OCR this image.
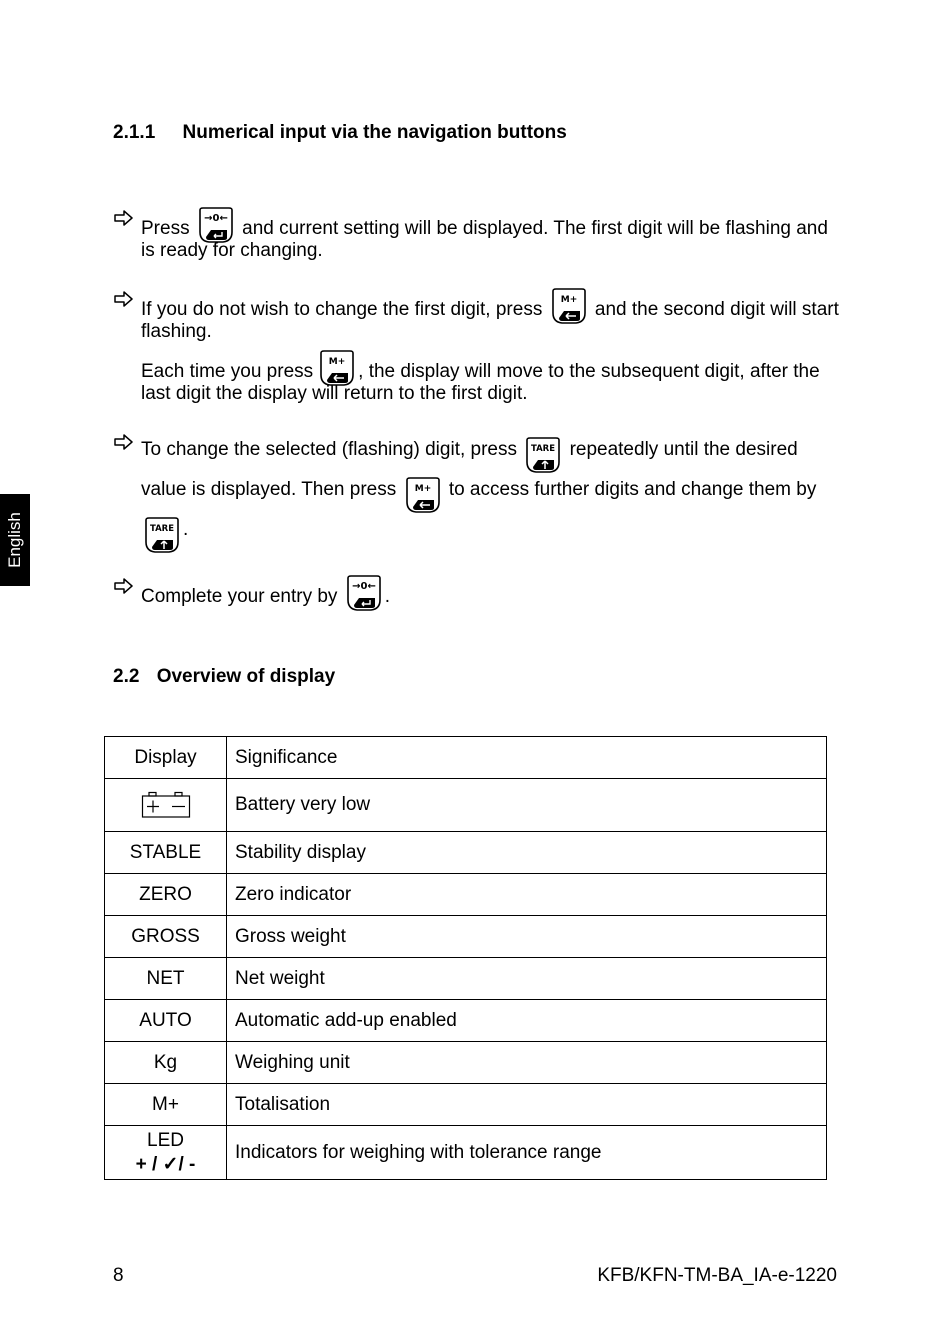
2.1.1 Numerical input via the navigation buttons
Press	and current setting will be displayed. The first digit will be flashing and is ready for changing.
If you do not wish to change the first digit, press	and the second digit will start flashing.
Each time you press , the display will move to the subsequent digit, after the last digit the display will return to the first digit.
To change the selected (flashing) digit, press	repeatedly until the desired value is displayed. Then press	to access further digits and change them by
.
Complete your entry by .
2.2 Overview of display
English
Display	Significance
	Battery very low
STABLE	Stability display
ZERO	Zero indicator
GROSS	Gross weight
NET	Net weight
AUTO	Automatic add-up enabled
Kg	Weighing unit
M+	Totalisation

LED
+ / ✓/ -	Indicators for weighing with tolerance range
8	KFB/KFN-TM-BA_IA-e-1220
